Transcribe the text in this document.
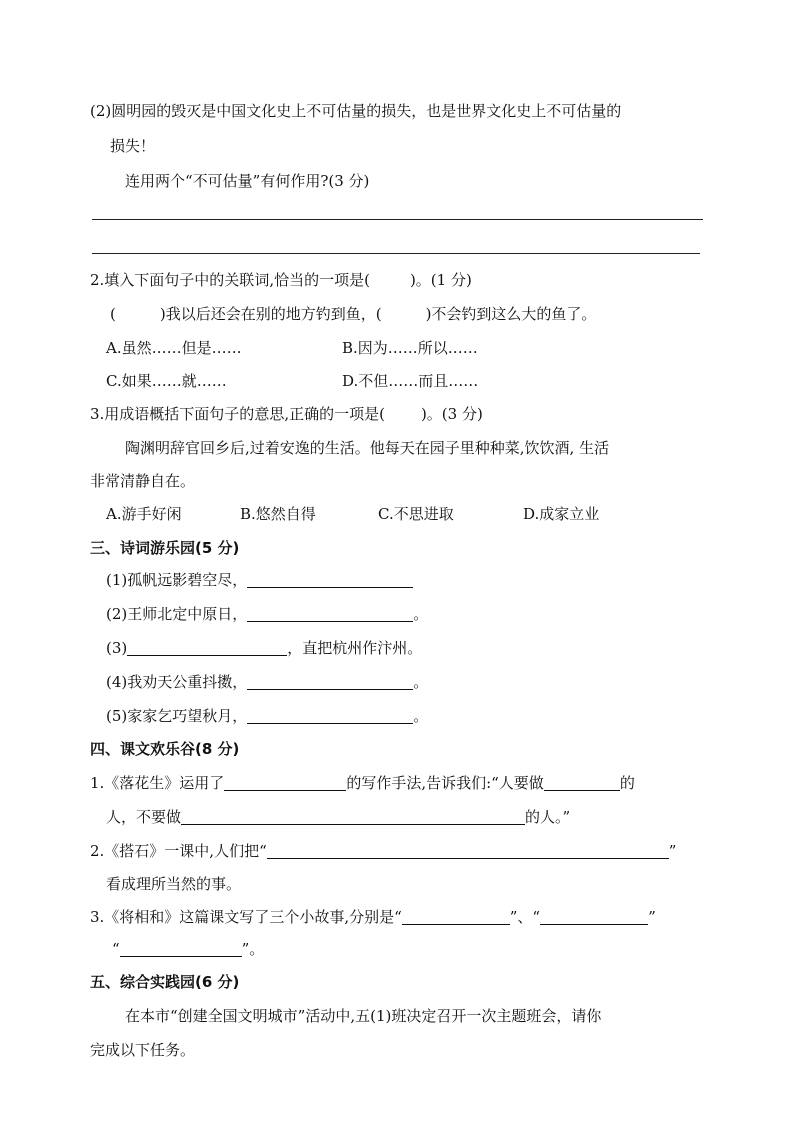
(2)圆明园的毁灭是中国文化史上不可估量的损失，也是世界文化史上不可估量的
损失！
连用两个“不可估量”有何作用?(3 分)
2.填入下面句子中的关联词,恰当的一项是(	)。(1 分)
(	)我以后还会在别的地方钓到鱼，(	)不会钓到这么大的鱼了。
A.虽然……但是……	B.因为……所以……
C.如果……就……	D.不但……而且……
3.用成语概括下面句子的意思,正确的一项是( )。(3 分)
陶渊明辞官回乡后,过着安逸的生活。他每天在园子里种种菜,饮饮酒, 生活
非常清静自在。
A.游手好闲	B.悠然自得	C.不思进取	D.成家立业
三、诗词游乐园(5 分)
(1)孤帆远影碧空尽，
(2)王师北定中原日，	。
(3)	，直把杭州作汴州。
(4)我劝天公重抖擞，	。
(5)家家乞巧望秋月，	。
四、课文欢乐谷(8 分)
1.《落花生》运用了	的写作手法,告诉我们:“人要做	的
人，不要做	的人。”
2.《搭石》一课中,人们把“	”
看成理所当然的事。
3.《将相和》这篇课文写了三个小故事,分别是“	”、“	”
“	”。
五、综合实践园(6 分)
在本市“创建全国文明城市”活动中,五(1)班决定召开一次主题班会，请你
完成以下任务。
